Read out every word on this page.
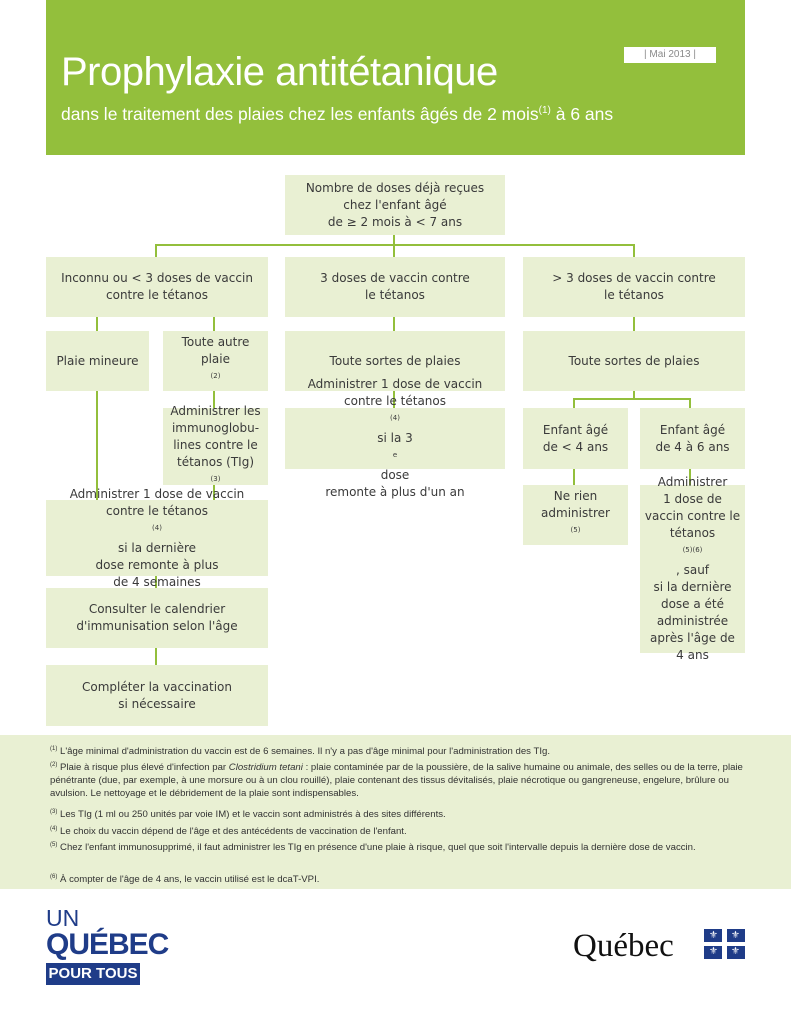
| Mai 2013 |
Prophylaxie antitétanique
dans le traitement des plaies chez les enfants âgés de 2 mois$^{(1)}$ à 6 ans
Nombre de doses déjà reçues
chez l'enfant âgé
de ≥ 2 mois à < 7 ans
Inconnu ou < 3 doses de vaccin
contre le tétanos
3 doses de vaccin contre
le tétanos
> 3 doses de vaccin contre
le tétanos
Plaie mineure
Toute autre
plaie
$^{(2)}$
Toute sortes de plaies	Toute sortes de plaies
Administrer les
immunoglobu-
lines contre le
tétanos (TIg)
$^{(3)}$
Administrer 1 dose de vaccin
contre le tétanos
$^{(4)}$
si la 3
$^e$
dose
remonte à plus d'un an
Enfant âgé
de < 4 ans
Enfant âgé
de 4 à 6 ans
Ne rien
administrer
$^{(5)}$
Administrer
1 dose de
vaccin contre le
tétanos
$^{(5)(6)}$
, sauf
si la dernière
dose a été
administrée
après l'âge de
4 ans
Administrer 1 dose de vaccin
contre le tétanos
$^{(4)}$
si la dernière
dose remonte à plus
de 4 semaines
Consulter le calendrier
d'immunisation selon l'âge
Compléter la vaccination
si nécessaire
$^{(1)}$ L'âge minimal d'administration du vaccin est de 6 semaines. Il n'y a pas d'âge minimal pour l'administration des TIg.
$^{(2)}$ Plaie à risque plus élevé d'infection par Clostridium tetani : plaie contaminée par de la poussière, de la salive humaine ou animale, des selles ou de la terre, plaie pénétrante (due, par exemple, à une morsure ou à un clou rouillé), plaie contenant des tissus dévitalisés, plaie nécrotique ou gangreneuse, engelure, brûlure ou avulsion. Le nettoyage et le débridement de la plaie sont indispensables.
$^{(3)}$ Les TIg (1 ml ou 250 unités par voie IM) et le vaccin sont administrés à des sites différents.
$^{(4)}$ Le choix du vaccin dépend de l'âge et des antécédents de vaccination de l'enfant.
$^{(5)}$ Chez l'enfant immunosupprimé, il faut administrer les TIg en présence d'une plaie à risque, quel que soit l'intervalle depuis la dernière dose de vaccin.
$^{(6)}$ À compter de l'âge de 4 ans, le vaccin utilisé est le dcaT-VPI.
UN
QUÉBEC
POUR TOUS
Québec	⚜ ⚜
⚜ ⚜
